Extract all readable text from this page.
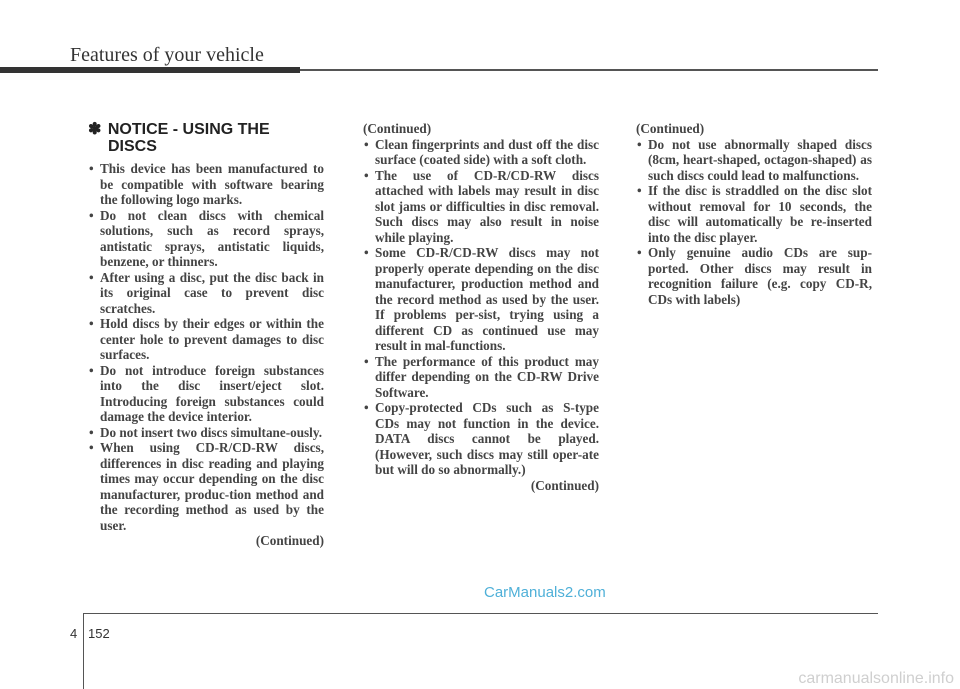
Features of your vehicle
✽ NOTICE - USING THE
DISCS
• This device has been manufactured to be compatible with software bearing the following logo marks.
• Do not clean discs with chemical solutions, such as record sprays, antistatic sprays, antistatic liquids, benzene, or thinners.
• After using a disc, put the disc back in its original case to prevent disc scratches.
• Hold discs by their edges or within the center hole to prevent damages to disc surfaces.
• Do not introduce foreign substances into the disc insert/eject slot. Introducing foreign substances could damage the device interior.
• Do not insert two discs simultane-ously.
• When using CD-R/CD-RW discs, differences in disc reading and playing times may occur depending on the disc manufacturer, produc-tion method and the recording method as used by the user.
(Continued)
(Continued)
• Clean fingerprints and dust off the disc surface (coated side) with a soft cloth.
• The use of CD-R/CD-RW discs attached with labels may result in disc slot jams or difficulties in disc removal. Such discs may also result in noise while playing.
• Some CD-R/CD-RW discs may not properly operate depending on the disc manufacturer, production method and the record method as used by the user. If problems per-sist, trying using a different CD as continued use may result in mal-functions.
• The performance of this product may differ depending on the CD-RW Drive Software.
• Copy-protected CDs such as S-type CDs may not function in the device. DATA discs cannot be played. (However, such discs may still oper-ate but will do so abnormally.)
(Continued)
(Continued)
• Do not use abnormally shaped discs (8cm, heart-shaped, octagon-shaped) as such discs could lead to malfunctions.
• If the disc is straddled on the disc slot without removal for 10 seconds, the disc will automatically be re-inserted into the disc player.
• Only genuine audio CDs are sup-ported. Other discs may result in recognition failure (e.g. copy CD-R, CDs with labels)
CarManuals2.com
4 152
carmanualsonline.info
